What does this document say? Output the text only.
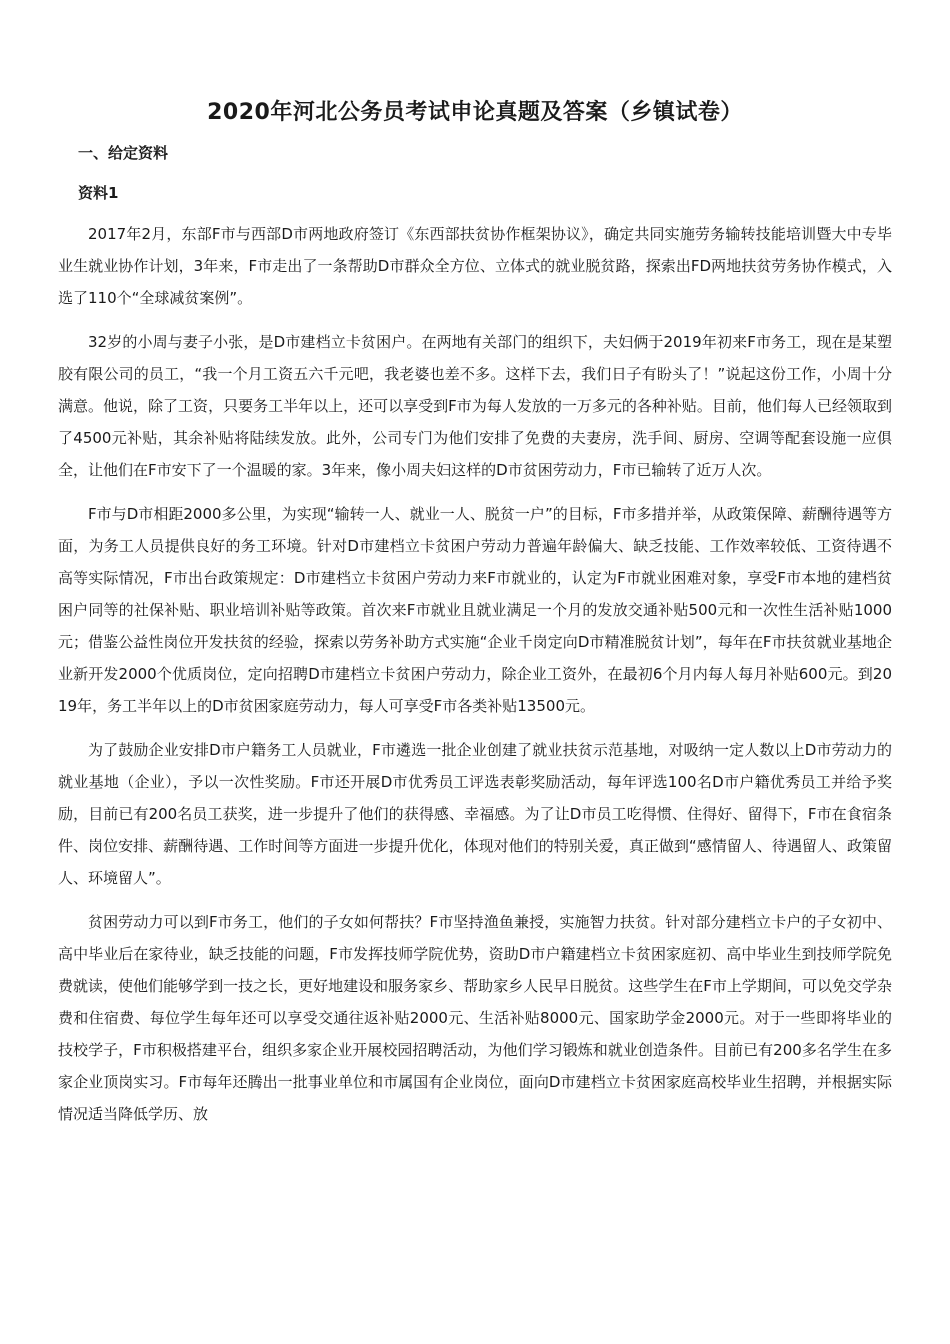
2020年河北公务员考试申论真题及答案（乡镇试卷）
一、给定资料
资料1

2017年2月，东部F市与西部D市两地政府签订《东西部扶贫协作框架协议》，确定共同实施劳务输转技能培训暨大中专毕业生就业协作计划，3年来，F市走出了一条帮助D市群众全方位、立体式的就业脱贫路，探索出FD两地扶贫劳务协作模式，入选了110个“全球减贫案例”。

32岁的小周与妻子小张，是D市建档立卡贫困户。在两地有关部门的组织下，夫妇俩于2019年初来F市务工，现在是某塑胶有限公司的员工，“我一个月工资五六千元吧，我老婆也差不多。这样下去，我们日子有盼头了！”说起这份工作，小周十分满意。他说，除了工资，只要务工半年以上，还可以享受到F市为每人发放的一万多元的各种补贴。目前，他们每人已经领取到了4500元补贴，其余补贴将陆续发放。此外，公司专门为他们安排了免费的夫妻房，洗手间、厨房、空调等配套设施一应俱全，让他们在F市安下了一个温暖的家。3年来，像小周夫妇这样的D市贫困劳动力，F市已输转了近万人次。

F市与D市相距2000多公里，为实现“输转一人、就业一人、脱贫一户”的目标，F市多措并举，从政策保障、薪酬待遇等方面，为务工人员提供良好的务工环境。针对D市建档立卡贫困户劳动力普遍年龄偏大、缺乏技能、工作效率较低、工资待遇不高等实际情况，F市出台政策规定：D市建档立卡贫困户劳动力来F市就业的，认定为F市就业困难对象，享受F市本地的建档贫困户同等的社保补贴、职业培训补贴等政策。首次来F市就业且就业满足一个月的发放交通补贴500元和一次性生活补贴1000元；借鉴公益性岗位开发扶贫的经验，探索以劳务补助方式实施“企业千岗定向D市精准脱贫计划”，每年在F市扶贫就业基地企业新开发2000个优质岗位，定向招聘D市建档立卡贫困户劳动力，除企业工资外，在最初6个月内每人每月补贴600元。到2019年，务工半年以上的D市贫困家庭劳动力，每人可享受F市各类补贴13500元。

为了鼓励企业安排D市户籍务工人员就业，F市遴选一批企业创建了就业扶贫示范基地，对吸纳一定人数以上D市劳动力的就业基地（企业），予以一次性奖励。F市还开展D市优秀员工评选表彰奖励活动，每年评选100名D市户籍优秀员工并给予奖励，目前已有200名员工获奖，进一步提升了他们的获得感、幸福感。为了让D市员工吃得惯、住得好、留得下，F市在食宿条件、岗位安排、薪酬待遇、工作时间等方面进一步提升优化，体现对他们的特别关爱，真正做到“感情留人、待遇留人、政策留人、环境留人”。

贫困劳动力可以到F市务工，他们的子女如何帮扶？F市坚持渔鱼兼授，实施智力扶贫。针对部分建档立卡户的子女初中、高中毕业后在家待业，缺乏技能的问题，F市发挥技师学院优势，资助D市户籍建档立卡贫困家庭初、高中毕业生到技师学院免费就读，使他们能够学到一技之长，更好地建设和服务家乡、帮助家乡人民早日脱贫。这些学生在F市上学期间，可以免交学杂费和住宿费、每位学生每年还可以享受交通往返补贴2000元、生活补贴8000元、国家助学金2000元。对于一些即将毕业的技校学子，F市积极搭建平台，组织多家企业开展校园招聘活动，为他们学习锻炼和就业创造条件。目前已有200多名学生在多家企业顶岗实习。F市每年还腾出一批事业单位和市属国有企业岗位，面向D市建档立卡贫困家庭高校毕业生招聘，并根据实际情况适当降低学历、放
